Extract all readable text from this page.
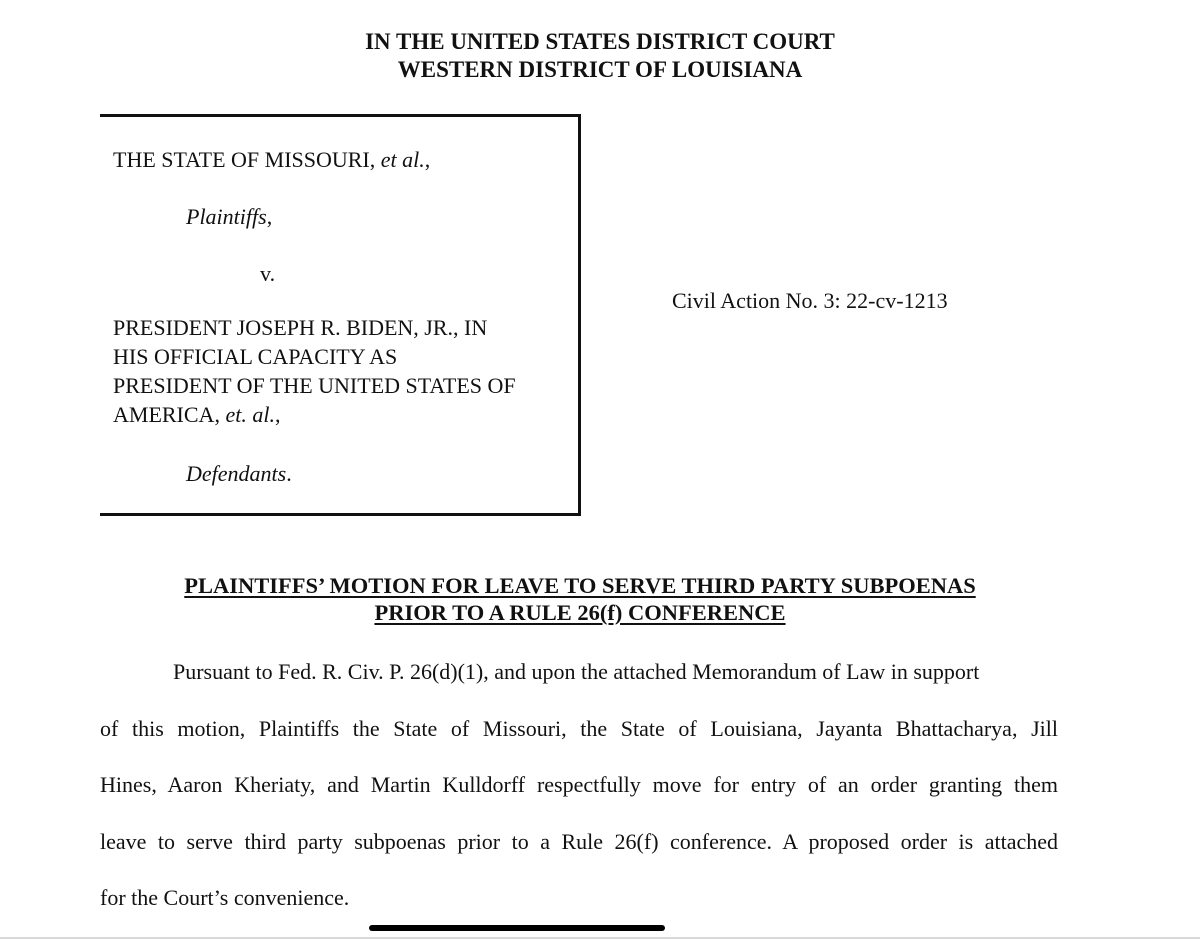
IN THE UNITED STATES DISTRICT COURT
WESTERN DISTRICT OF LOUISIANA
THE STATE OF MISSOURI, et al.,
Plaintiffs,
v.
PRESIDENT JOSEPH R. BIDEN, JR., IN
HIS OFFICIAL CAPACITY AS
PRESIDENT OF THE UNITED STATES OF
AMERICA, et. al.,
Defendants.
Civil Action No. 3: 22-cv-1213
PLAINTIFFS’ MOTION FOR LEAVE TO SERVE THIRD PARTY SUBPOENAS
PRIOR TO A RULE 26(f) CONFERENCE
Pursuant to Fed. R. Civ. P. 26(d)(1), and upon the attached Memorandum of Law in support
of this motion, Plaintiffs the State of Missouri, the State of Louisiana, Jayanta Bhattacharya, Jill
Hines, Aaron Kheriaty, and Martin Kulldorff respectfully move for entry of an order granting them
leave to serve third party subpoenas prior to a Rule 26(f) conference. A proposed order is attached
for the Court’s convenience.
